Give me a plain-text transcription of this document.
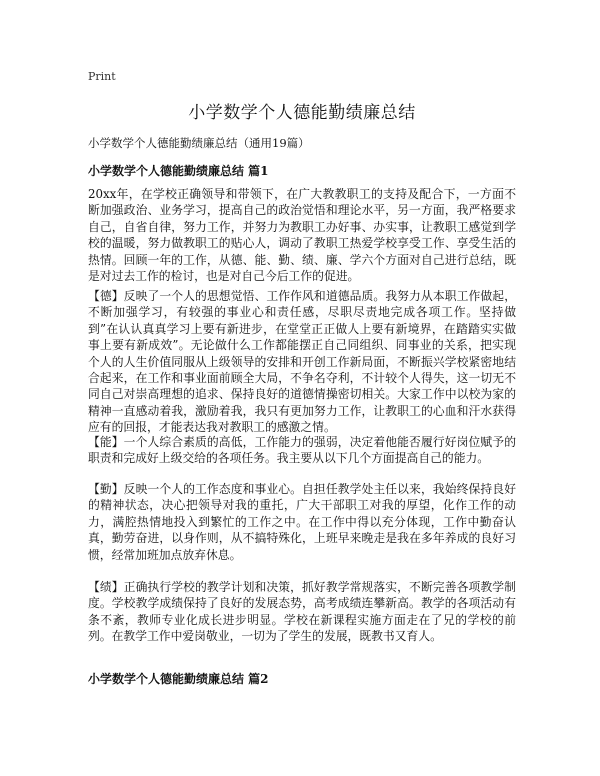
Print
小学数学个人德能勤绩廉总结
小学数学个人德能勤绩廉总结（通用19篇）
小学数学个人德能勤绩廉总结 篇1

20xx年，在学校正确领导和带领下，在广大教教职工的支持及配合下，一方面不断加强政治、业务学习，提高自己的政治觉悟和理论水平，另一方面，我严格要求自己，自省自律，努力工作，并努力为教职工办好事、办实事，让教职工感觉到学校的温暖，努力做教职工的贴心人，调动了教职工热爱学校享受工作、享受生活的热情。回顾一年的工作，从德、能、勤、绩、廉、学六个方面对自己进行总结，既是对过去工作的检讨，也是对自己今后工作的促进。

【德】反映了一个人的思想觉悟、工作作风和道德品质。我努力从本职工作做起，不断加强学习，有较强的事业心和责任感，尽职尽责地完成各项工作。坚持做到”在认认真真学习上要有新进步，在堂堂正正做人上要有新境界，在踏踏实实做事上要有新成效”。无论做什么工作都能摆正自己同组织、同事业的关系，把实现个人的人生价值同服从上级领导的安排和开创工作新局面，不断振兴学校紧密地结合起来，在工作和事业面前顾全大局，不争名夺利，不计较个人得失，这一切无不同自己对崇高理想的追求、保持良好的道德情操密切相关。大家工作中以校为家的精神一直感动着我，激励着我，我只有更加努力工作，让教职工的心血和汗水获得应有的回报，才能表达我对教职工的感激之情。

【能】一个人综合素质的高低，工作能力的强弱，决定着他能否履行好岗位赋予的职责和完成好上级交给的各项任务。我主要从以下几个方面提高自己的能力。

【勤】反映一个人的工作态度和事业心。自担任教学处主任以来，我始终保持良好的精神状态，决心把领导对我的重托，广大干部职工对我的厚望，化作工作的动力，满腔热情地投入到繁忙的工作之中。在工作中得以充分体现，工作中勤奋认真，勤劳奋进，以身作则，从不搞特殊化，上班早来晚走是我在多年养成的良好习惯，经常加班加点放弃休息。

【绩】正确执行学校的教学计划和决策，抓好教学常规落实，不断完善各项教学制度。学校教学成绩保持了良好的发展态势，高考成绩连攀新高。教学的各项活动有条不紊，教师专业化成长进步明显。学校在新课程实施方面走在了兄的学校的前列。在教学工作中爱岗敬业，一切为了学生的发展，既教书又育人。

小学数学个人德能勤绩廉总结 篇2
